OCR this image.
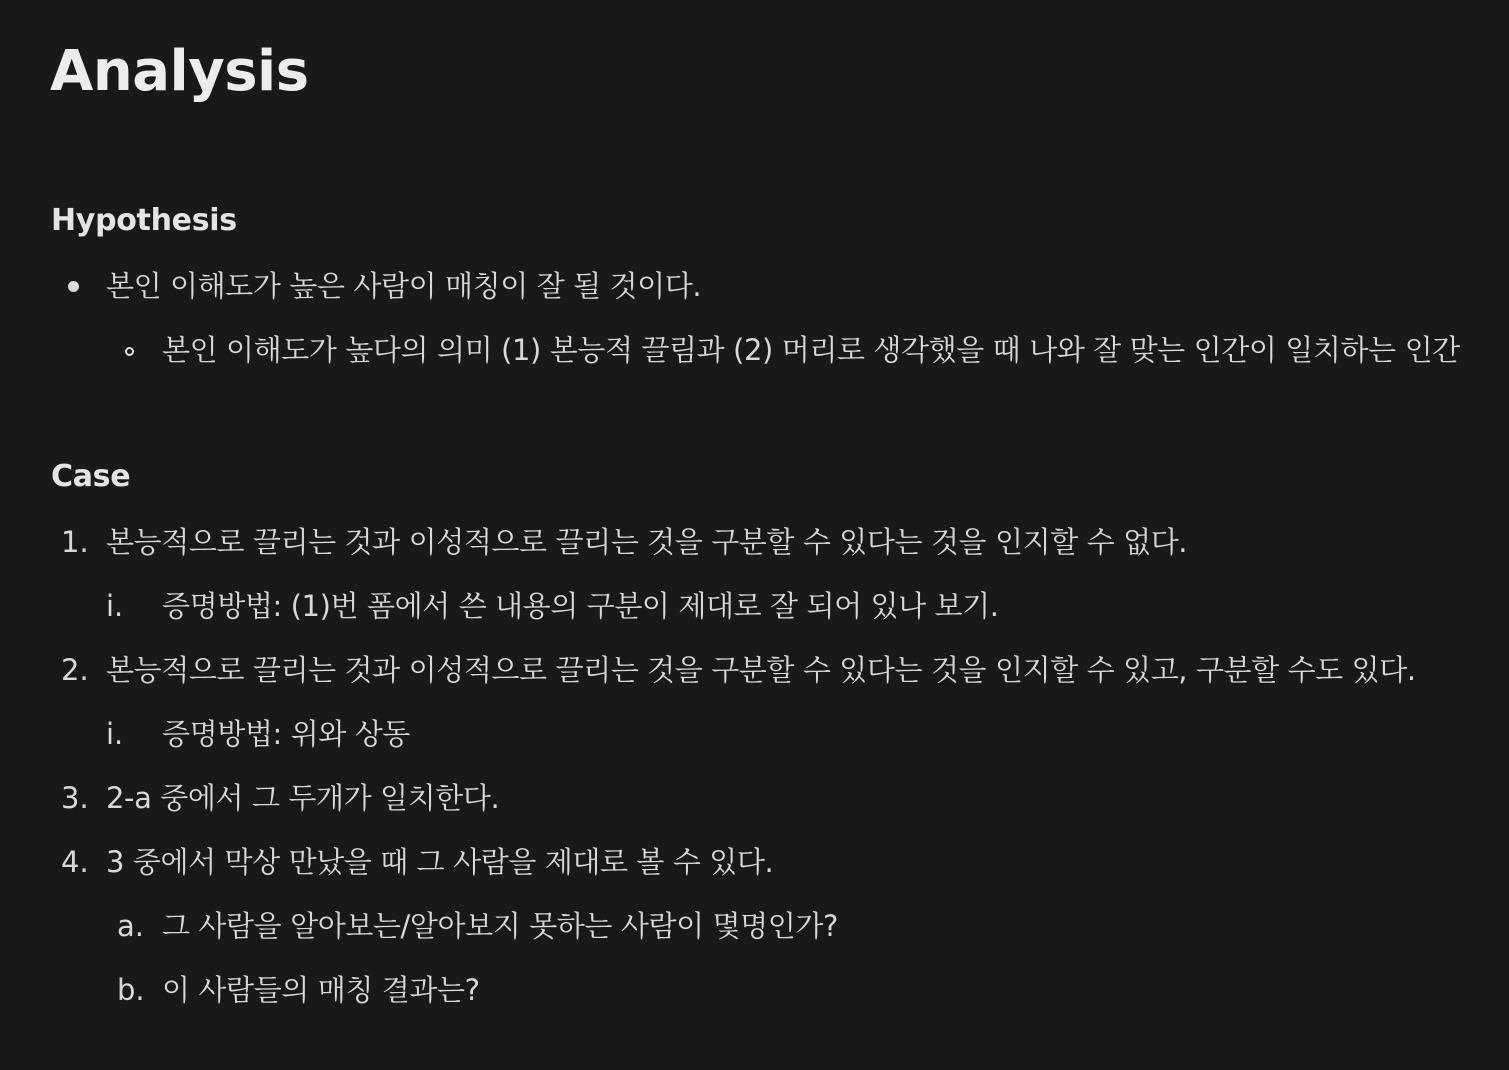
Analysis
Hypothesis
본인 이해도가 높은 사람이 매칭이 잘 될 것이다.
본인 이해도가 높다의 의미 (1) 본능적 끌림과 (2) 머리로 생각했을 때 나와 잘 맞는 인간이 일치하는 인간
Case
1. 본능적으로 끌리는 것과 이성적으로 끌리는 것을 구분할 수 있다는 것을 인지할 수 없다.
i. 증명방법: (1)번 폼에서 쓴 내용의 구분이 제대로 잘 되어 있나 보기.
2. 본능적으로 끌리는 것과 이성적으로 끌리는 것을 구분할 수 있다는 것을 인지할 수 있고, 구분할 수도 있다.
i. 증명방법: 위와 상동
3. 2-a 중에서 그 두개가 일치한다.
4. 3 중에서 막상 만났을 때 그 사람을 제대로 볼 수 있다.
a. 그 사람을 알아보는/알아보지 못하는 사람이 몇명인가?
b. 이 사람들의 매칭 결과는?
